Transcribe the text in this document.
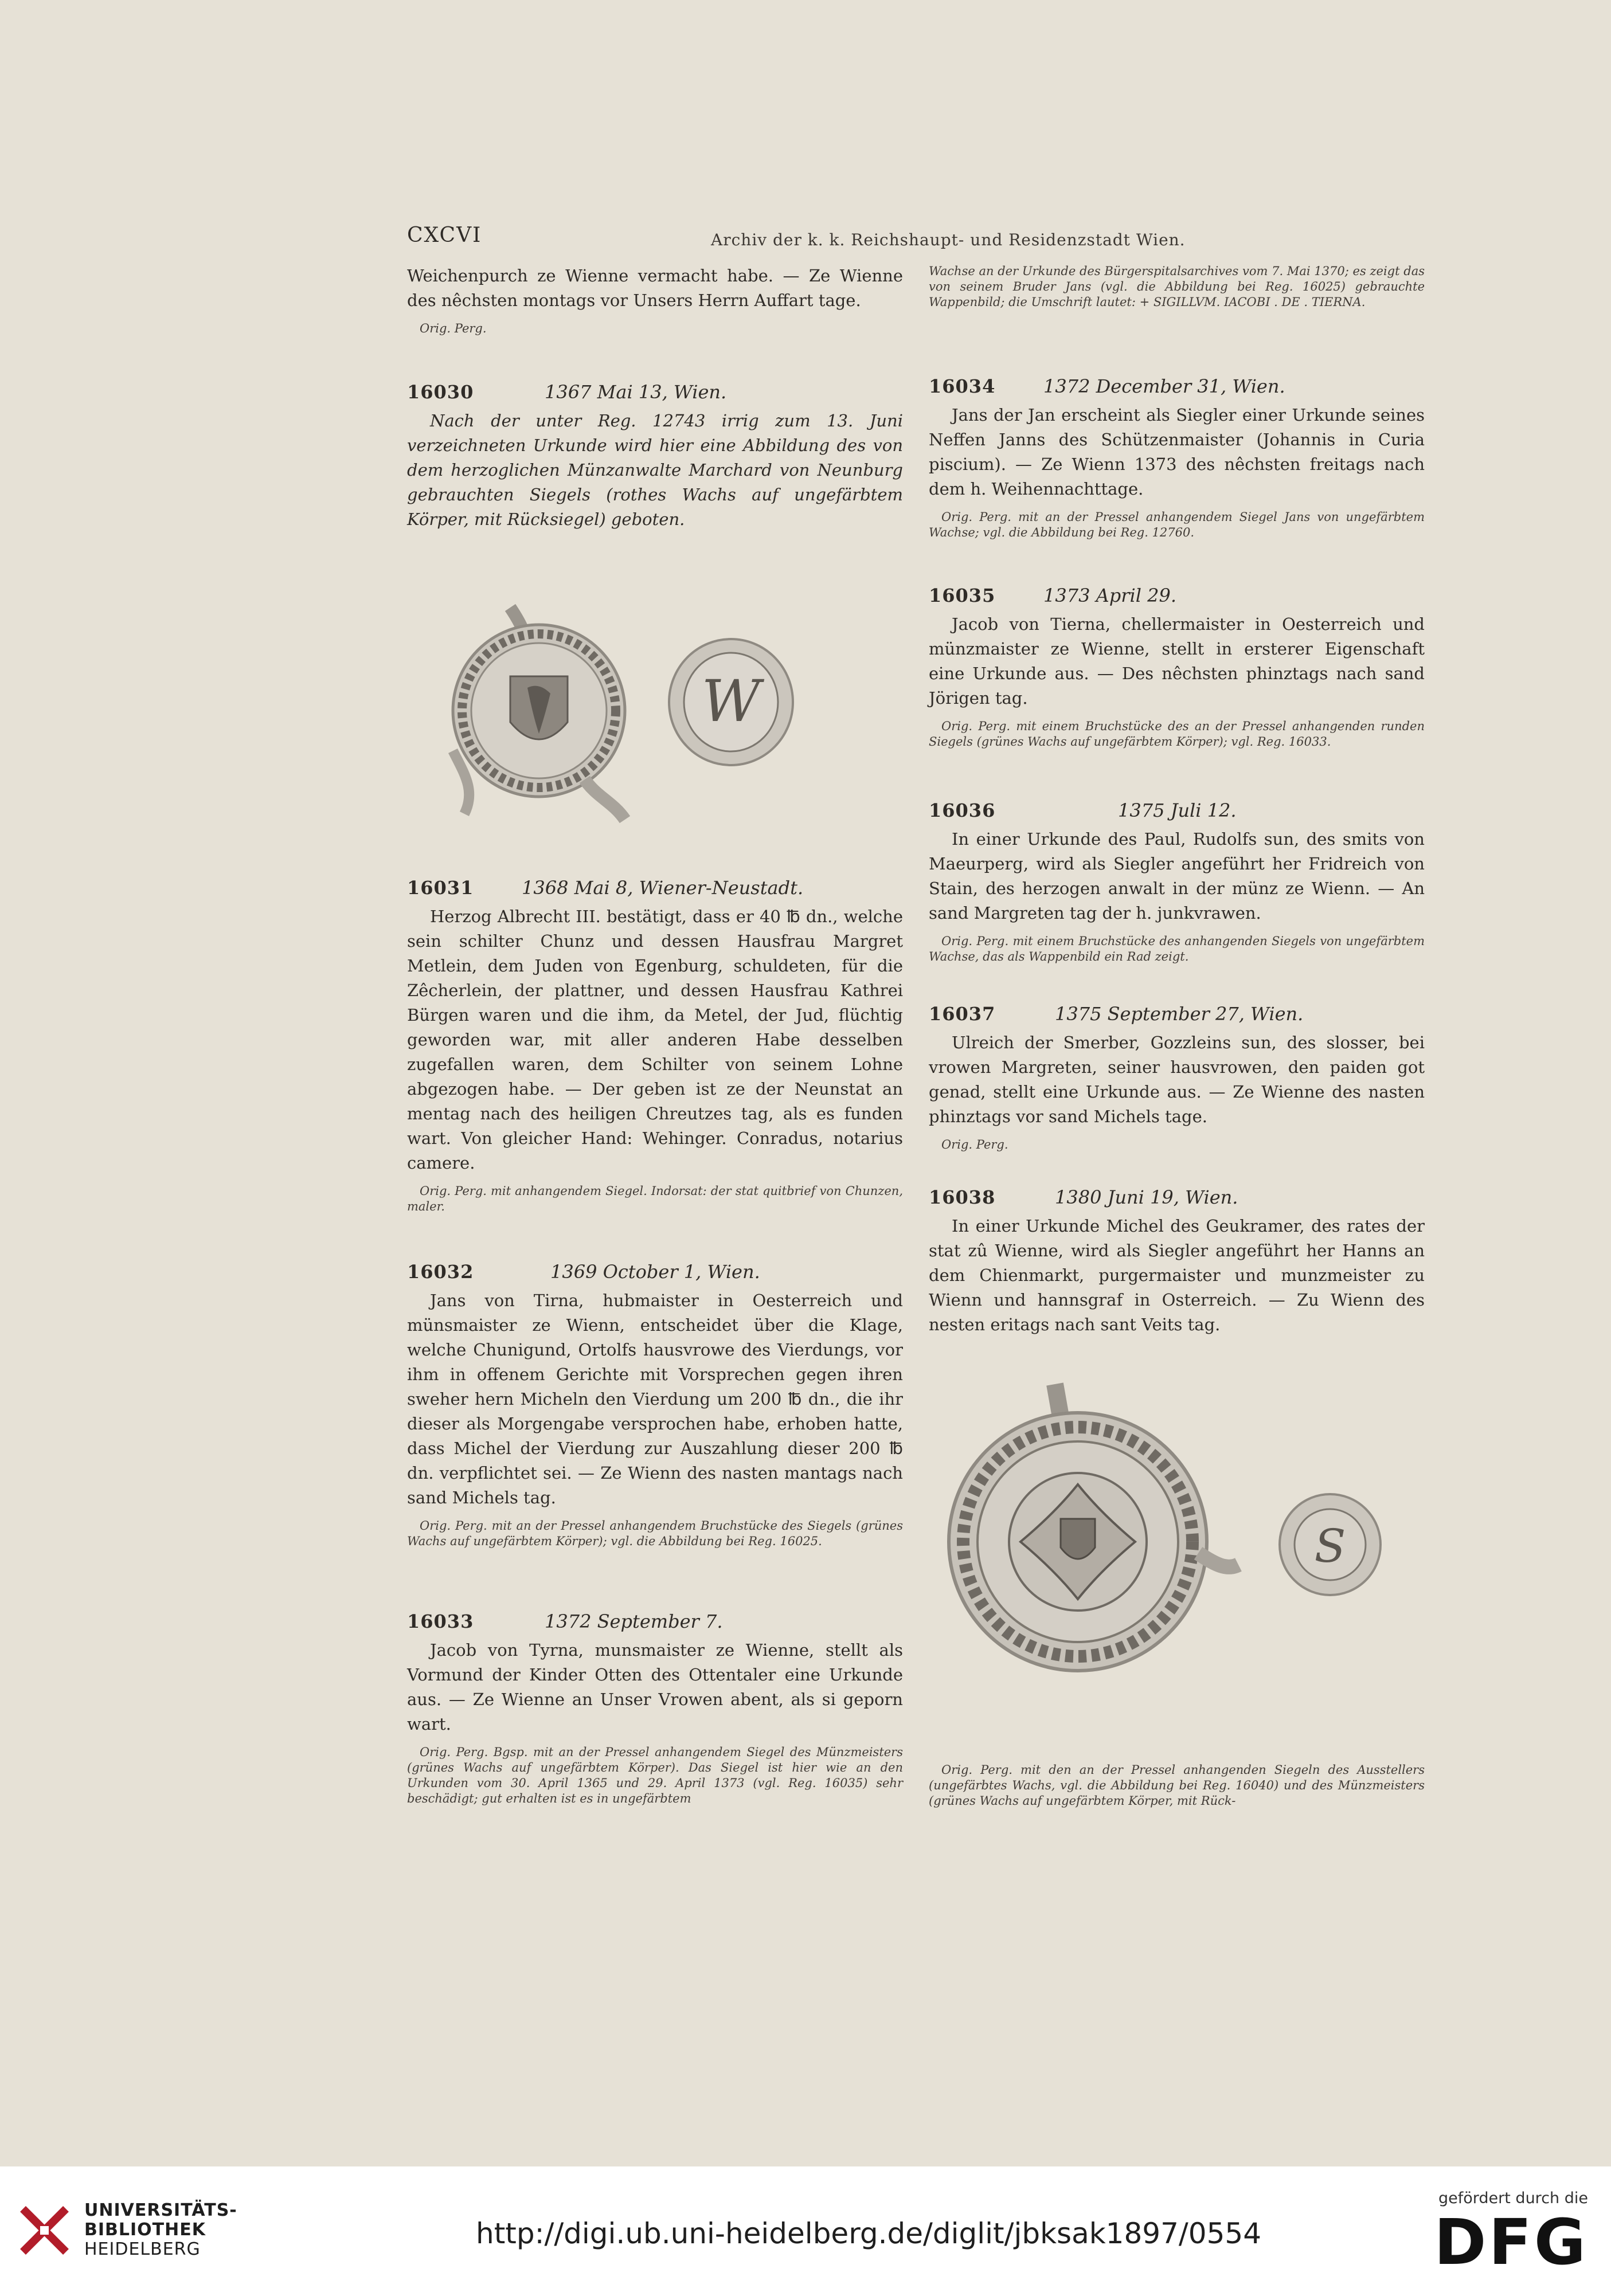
CXCVI	Archiv der k. k. Reichshaupt- und Residenzstadt Wien.
Weichenpurch ze Wienne vermacht habe. — Ze Wienne des nêchsten montags vor Unsers Herrn Auffart tage.
Orig. Perg.
16030	1367 Mai 13, Wien.
Nach der unter Reg. 12743 irrig zum 13. Juni verzeichneten Urkunde wird hier eine Abbildung des von dem herzoglichen Münzanwalte Marchard von Neunburg gebrauchten Siegels (rothes Wachs auf ungefärbtem Körper, mit Rücksiegel) geboten.
W
16031	1368 Mai 8, Wiener-Neustadt.
Herzog Albrecht III. bestätigt, dass er 40 ℔ dn., welche sein schilter Chunz und dessen Hausfrau Margret Metlein, dem Juden von Egenburg, schuldeten, für die Zêcherlein, der plattner, und dessen Hausfrau Kathrei Bürgen waren und die ihm, da Metel, der Jud, flüchtig geworden war, mit aller anderen Habe desselben zugefallen waren, dem Schilter von seinem Lohne abgezogen habe. — Der geben ist ze der Neunstat an mentag nach des heiligen Chreutzes tag, als es funden wart. Von gleicher Hand: Wehinger. Conradus, notarius camere.
Orig. Perg. mit anhangendem Siegel. Indorsat: der stat quitbrief von Chunzen, maler.
16032	1369 October 1, Wien.
Jans von Tirna, hubmaister in Oesterreich und münsmaister ze Wienn, entscheidet über die Klage, welche Chunigund, Ortolfs hausvrowe des Vierdungs, vor ihm in offenem Gerichte mit Vorsprechen gegen ihren sweher hern Micheln den Vierdung um 200 ℔ dn., die ihr dieser als Morgengabe versprochen habe, erhoben hatte, dass Michel der Vierdung zur Auszahlung dieser 200 ℔ dn. verpflichtet sei. — Ze Wienn des nasten mantags nach sand Michels tag.
Orig. Perg. mit an der Pressel anhangendem Bruchstücke des Siegels (grünes Wachs auf ungefärbtem Körper); vgl. die Abbildung bei Reg. 16025.
16033	1372 September 7.
Jacob von Tyrna, munsmaister ze Wienne, stellt als Vormund der Kinder Otten des Ottentaler eine Urkunde aus. — Ze Wienne an Unser Vrowen abent, als si geporn wart.
Orig. Perg. Bgsp. mit an der Pressel anhangendem Siegel des Münzmeisters (grünes Wachs auf ungefärbtem Körper). Das Siegel ist hier wie an den Urkunden vom 30. April 1365 und 29. April 1373 (vgl. Reg. 16035) sehr beschädigt; gut erhalten ist es in ungefärbtem
Wachse an der Urkunde des Bürgerspitalsarchives vom 7. Mai 1370; es zeigt das von seinem Bruder Jans (vgl. die Abbildung bei Reg. 16025) gebrauchte Wappenbild; die Umschrift lautet: + SIGILLVM. IACOBI . DE . TIERNA.
16034	1372 December 31, Wien.
Jans der Jan erscheint als Siegler einer Urkunde seines Neffen Janns des Schützenmaister (Johannis in Curia piscium). — Ze Wienn 1373 des nêchsten freitags nach dem h. Weihennachttage.
Orig. Perg. mit an der Pressel anhangendem Siegel Jans von ungefärbtem Wachse; vgl. die Abbildung bei Reg. 12760.
16035	1373 April 29.
Jacob von Tierna, chellermaister in Oesterreich und münzmaister ze Wienne, stellt in ersterer Eigenschaft eine Urkunde aus. — Des nêchsten phinztags nach sand Jörigen tag.
Orig. Perg. mit einem Bruchstücke des an der Pressel anhangenden runden Siegels (grünes Wachs auf ungefärbtem Körper); vgl. Reg. 16033.
16036	1375 Juli 12.
In einer Urkunde des Paul, Rudolfs sun, des smits von Maeurperg, wird als Siegler angeführt her Fridreich von Stain, des herzogen anwalt in der münz ze Wienn. — An sand Margreten tag der h. junkvrawen.
Orig. Perg. mit einem Bruchstücke des anhangenden Siegels von ungefärbtem Wachse, das als Wappenbild ein Rad zeigt.
16037	1375 September 27, Wien.
Ulreich der Smerber, Gozzleins sun, des slosser, bei vrowen Margreten, seiner hausvrowen, den paiden got genad, stellt eine Urkunde aus. — Ze Wienne des nasten phinztags vor sand Michels tage.
Orig. Perg.
16038	1380 Juni 19, Wien.
In einer Urkunde Michel des Geukramer, des rates der stat zû Wienne, wird als Siegler angeführt her Hanns an dem Chienmarkt, purgermaister und munzmeister zu Wienn und hannsgraf in Osterreich. — Zu Wienn des nesten eritags nach sant Veits tag.
S
Orig. Perg. mit den an der Pressel anhangenden Siegeln des Ausstellers (ungefärbtes Wachs, vgl. die Abbildung bei Reg. 16040) und des Münzmeisters (grünes Wachs auf ungefärbtem Körper, mit Rück-
UNIVERSITÄTS-
BIBLIOTHEK
HEIDELBERG	http://digi.ub.uni-heidelberg.de/diglit/jbksak1897/0554
gefördert durch die
DFG
